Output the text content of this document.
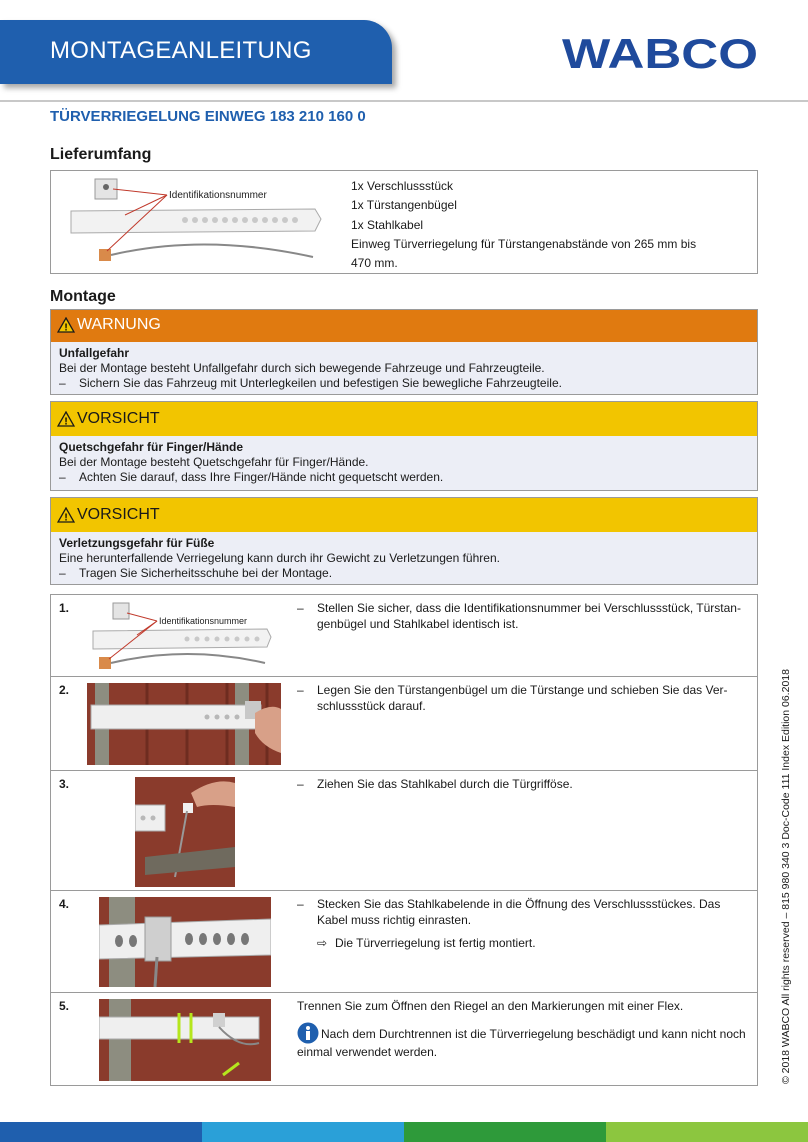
MONTAGEANLEITUNG	WABCO
TÜRVERRIEGELUNG EINWEG 183 210 160 0
Lieferumfang
Identifikationsnummer
1x Verschlussstück
1x Türstangenbügel
1x Stahlkabel
Einweg Türverriegelung für Türstangenabstände von 265 mm bis
470 mm.
Montage
! WARNUNG
Unfallgefahr
Bei der Montage besteht Unfallgefahr durch sich bewegende Fahrzeuge und Fahrzeugteile.
– Sichern Sie das Fahrzeug mit Unterlegkeilen und befestigen Sie bewegliche Fahrzeugteile.
! VORSICHT
Quetschgefahr für Finger/Hände
Bei der Montage besteht Quetschgefahr für Finger/Hände.
– Achten Sie darauf, dass Ihre Finger/Hände nicht gequetscht werden.
! VORSICHT
Verletzungsgefahr für Füße
Eine herunterfallende Verriegelung kann durch ihr Gewicht zu Verletzungen führen.
– Tragen Sie Sicherheitsschuhe bei der Montage.
1.
Identifikationsnummer
–	Stellen Sie sicher, dass die Identifikationsnummer bei Verschlussstück, Türstan-
genbügel und Stahlkabel identisch ist.
2.	–	Legen Sie den Türstangenbügel um die Türstange und schieben Sie das Ver-
schlussstück darauf.
3.	–	Ziehen Sie das Stahlkabel durch die Türgrifföse.
4.	–	Stecken Sie das Stahlkabelende in die Öffnung des Verschlussstückes. Das
Kabel muss richtig einrasten.
⇨ Die Türverriegelung ist fertig montiert.
5.	Trennen Sie zum Öffnen den Riegel an den Markierungen mit einer Flex.
Nach dem Durchtrennen ist die Türverriegelung beschädigt und kann nicht noch einmal verwendet werden.	© 2018 WABCO All rights reserved – 815 980 340 3 Doc-Code 111 Index Edition 06.2018
